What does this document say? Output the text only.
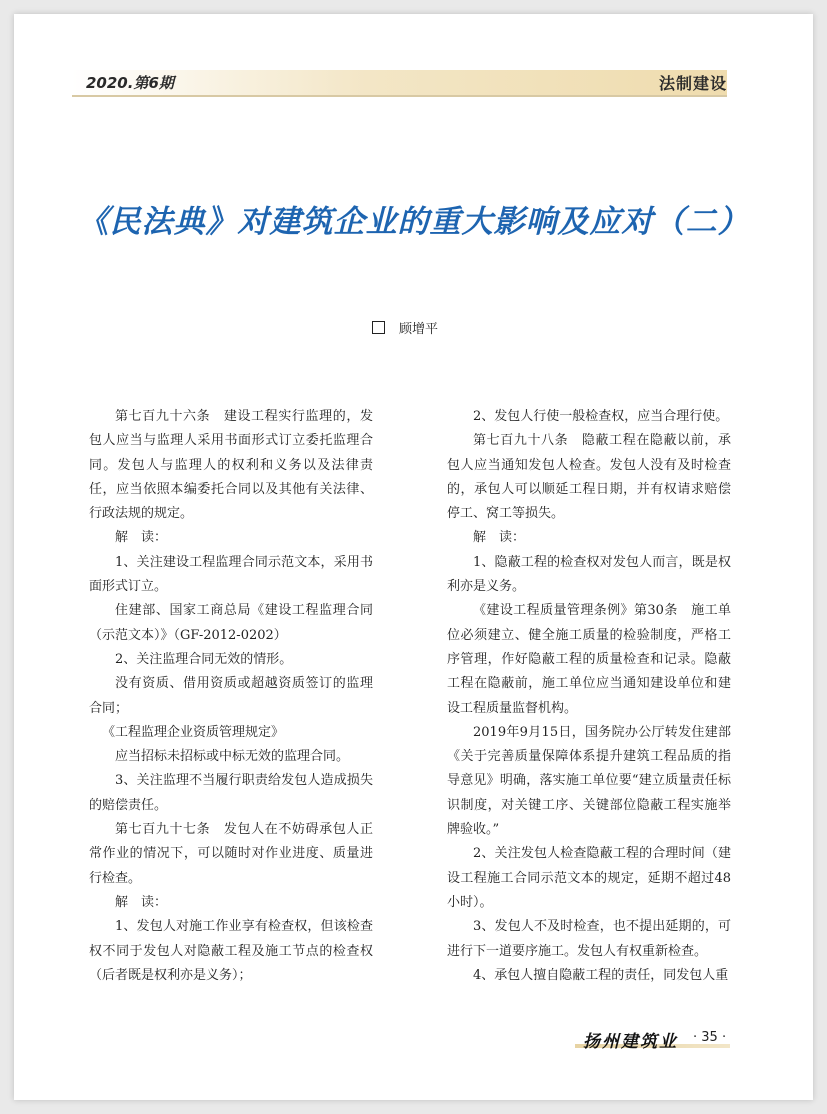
2020.第6期	法制建设
《民法典》对建筑企业的重大影响及应对（二）
顾增平

第七百九十六条　建设工程实行监理的，发包人应当与监理人采用书面形式订立委托监理合同。发包人与监理人的权利和义务以及法律责任，应当依照本编委托合同以及其他有关法律、行政法规的规定。

解　读：

1、关注建设工程监理合同示范文本，采用书面形式订立。

住建部、国家工商总局《建设工程监理合同（示范文本）》（GF-2012-0202）

2、关注监理合同无效的情形。

没有资质、借用资质或超越资质签订的监理合同；

《工程监理企业资质管理规定》

应当招标未招标或中标无效的监理合同。

3、关注监理不当履行职责给发包人造成损失的赔偿责任。

第七百九十七条　发包人在不妨碍承包人正常作业的情况下，可以随时对作业进度、质量进行检查。

解　读：

1、发包人对施工作业享有检查权，但该检查权不同于发包人对隐蔽工程及施工节点的检查权（后者既是权利亦是义务）；

2、发包人行使一般检查权，应当合理行使。

第七百九十八条　隐蔽工程在隐蔽以前，承包人应当通知发包人检查。发包人没有及时检查的，承包人可以顺延工程日期，并有权请求赔偿停工、窝工等损失。

解　读：

1、隐蔽工程的检查权对发包人而言，既是权利亦是义务。

《建设工程质量管理条例》第30条　施工单位必须建立、健全施工质量的检验制度，严格工序管理，作好隐蔽工程的质量检查和记录。隐蔽工程在隐蔽前，施工单位应当通知建设单位和建设工程质量监督机构。

2019年9月15日，国务院办公厅转发住建部《关于完善质量保障体系提升建筑工程品质的指导意见》明确，落实施工单位要“建立质量责任标识制度，对关键工序、关键部位隐蔽工程实施举牌验收。”

2、关注发包人检查隐蔽工程的合理时间（建设工程施工合同示范文本的规定，延期不超过48小时）。

3、发包人不及时检查，也不提出延期的，可进行下一道要序施工。发包人有权重新检查。

4、承包人擅自隐蔽工程的责任，同发包人重

扬州建筑业 · 35 ·
